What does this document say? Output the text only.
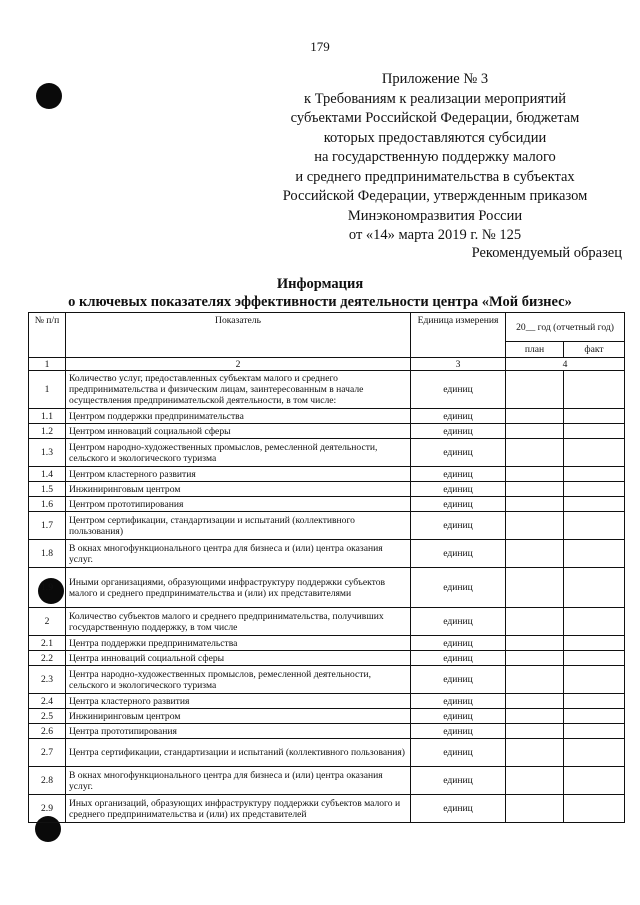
179
Приложение № 3
к Требованиям к реализации мероприятий
субъектами Российской Федерации, бюджетам
которых предоставляются субсидии
на государственную поддержку малого
и среднего предпринимательства в субъектах
Российской Федерации, утвержденным приказом
Минэкономразвития России
от «14» марта 2019 г. № 125
Рекомендуемый образец
Информация
о ключевых показателях эффективности деятельности центра «Мой бизнес»
№ п/п	Показатель	Единица измерения	20__ год (отчетный год)	
			план	факт
1	2	3	4	
1	Количество услуг, предоставленных субъектам малого и среднего предпринимательства и физическим лицам, заинтересованным в начале осуществления предпринимательской деятельности, в том числе:	единиц		
1.1	Центром поддержки предпринимательства	единиц		
1.2	Центром инноваций социальной сферы	единиц		
1.3	Центром народно-художественных промыслов, ремесленной деятельности, сельского и экологического туризма	единиц		
1.4	Центром кластерного развития	единиц		
1.5	Инжиниринговым центром	единиц		
1.6	Центром прототипирования	единиц		
1.7	Центром сертификации, стандартизации и испытаний (коллективного пользования)	единиц		
1.8	В окнах многофункционального центра для бизнеса и (или) центра оказания услуг.	единиц		
1.9	Иными организациями, образующими инфраструктуру поддержки субъектов малого и среднего предпринимательства и (или) их представителями	единиц		
2	Количество субъектов малого и среднего предпринимательства, получивших государственную поддержку, в том числе	единиц		
2.1	Центра поддержки предпринимательства	единиц		
2.2	Центра инноваций социальной сферы	единиц		
2.3	Центра народно-художественных промыслов, ремесленной деятельности, сельского и экологического туризма	единиц		
2.4	Центра кластерного развития	единиц		
2.5	Инжиниринговым центром	единиц		
2.6	Центра прототипирования	единиц		
2.7	Центра сертификации, стандартизации и испытаний (коллективного пользования)	единиц		
2.8	В окнах многофункционального центра для бизнеса и (или) центра оказания услуг.	единиц		
2.9	Иных организаций, образующих инфраструктуру поддержки субъектов малого и среднего предпринимательства и (или) их представителей	единиц		
